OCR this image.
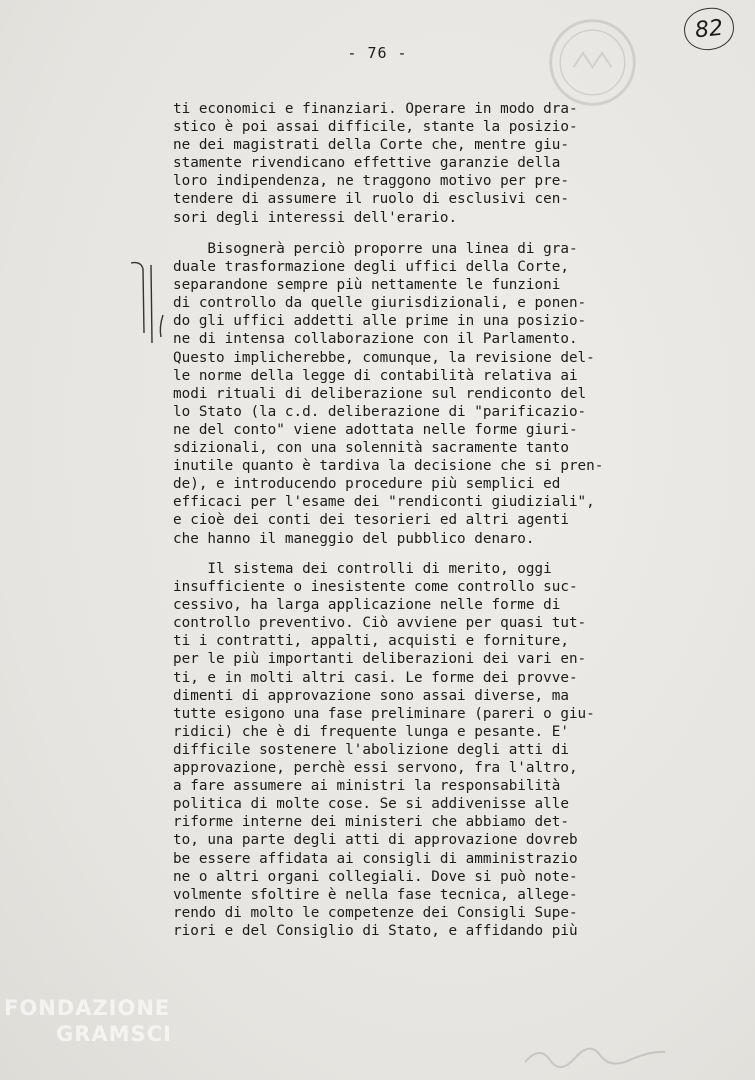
82
- 76 -
ti economici e finanziari. Operare in modo dra-
stico è poi assai difficile, stante la posizio-
ne dei magistrati della Corte che, mentre giu-
stamente rivendicano effettive garanzie della
loro indipendenza, ne traggono motivo per pre-
tendere di assumere il ruolo di esclusivi cen-
sori degli interessi dell'erario.
Bisognerà perciò proporre una linea di gra-
duale trasformazione degli uffici della Corte,
separandone sempre più nettamente le funzioni
di controllo da quelle giurisdizionali, e ponen-
do gli uffici addetti alle prime in una posizio-
ne di intensa collaborazione con il Parlamento.
Questo implicherebbe, comunque, la revisione del-
le norme della legge di contabilità relativa ai
modi rituali di deliberazione sul rendiconto del
lo Stato (la c.d. deliberazione di "parificazio-
ne del conto" viene adottata nelle forme giuri-
sdizionali, con una solennità sacramente tanto
inutile quanto è tardiva la decisione che si pren-
de), e introducendo procedure più semplici ed
efficaci per l'esame dei "rendiconti giudiziali",
e cioè dei conti dei tesorieri ed altri agenti
che hanno il maneggio del pubblico denaro.
Il sistema dei controlli di merito, oggi
insufficiente o inesistente come controllo suc-
cessivo, ha larga applicazione nelle forme di
controllo preventivo. Ciò avviene per quasi tut-
ti i contratti, appalti, acquisti e forniture,
per le più importanti deliberazioni dei vari en-
ti, e in molti altri casi. Le forme dei provve-
dimenti di approvazione sono assai diverse, ma
tutte esigono una fase preliminare (pareri o giu-
ridici) che è di frequente lunga e pesante. E'
difficile sostenere l'abolizione degli atti di
approvazione, perchè essi servono, fra l'altro,
a fare assumere ai ministri la responsabilità
politica di molte cose. Se si addivenisse alle
riforme interne dei ministeri che abbiamo det-
to, una parte degli atti di approvazione dovreb
be essere affidata ai consigli di amministrazio
ne o altri organi collegiali. Dove si può note-
volmente sfoltire è nella fase tecnica, allege-
rendo di molto le competenze dei Consigli Supe-
riori e del Consiglio di Stato, e affidando più
FONDAZIONE
GRAMSCI
